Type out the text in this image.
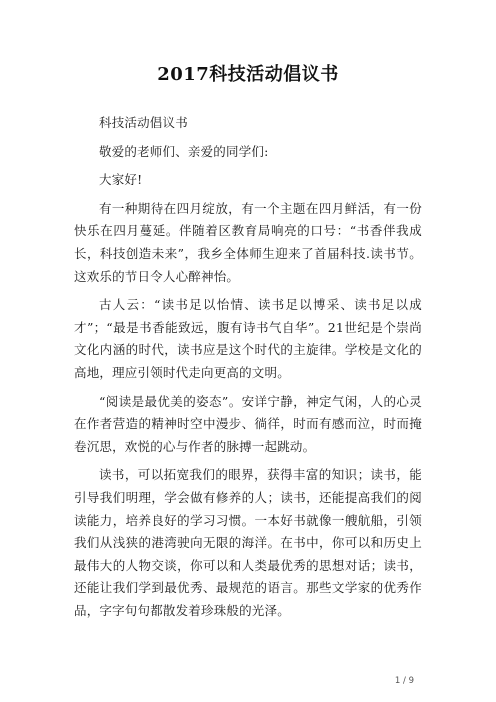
2017科技活动倡议书

科技活动倡议书

敬爱的老师们、亲爱的同学们:

大家好!

有一种期待在四月绽放，有一个主题在四月鲜活，有一份快乐在四月蔓延。伴随着区教育局响亮的口号：“书香伴我成长，科技创造未来”，我乡全体师生迎来了首届科技.读书节。这欢乐的节日令人心醉神怡。

古人云：“读书足以怡情、读书足以博采、读书足以成才”；“最是书香能致远，腹有诗书气自华”。21世纪是个崇尚文化内涵的时代，读书应是这个时代的主旋律。学校是文化的高地，理应引领时代走向更高的文明。

“阅读是最优美的姿态”。安详宁静，神定气闲，人的心灵在作者营造的精神时空中漫步、徜徉，时而有感而泣，时而掩卷沉思，欢悦的心与作者的脉搏一起跳动。

读书，可以拓宽我们的眼界，获得丰富的知识；读书，能引导我们明理，学会做有修养的人；读书，还能提高我们的阅读能力，培养良好的学习习惯。一本好书就像一艘航船，引领我们从浅狭的港湾驶向无限的海洋。在书中，你可以和历史上最伟大的人物交谈，你可以和人类最优秀的思想对话；读书，还能让我们学到最优秀、最规范的语言。那些文学家的优秀作品，字字句句都散发着珍珠般的光泽。

1 / 9
